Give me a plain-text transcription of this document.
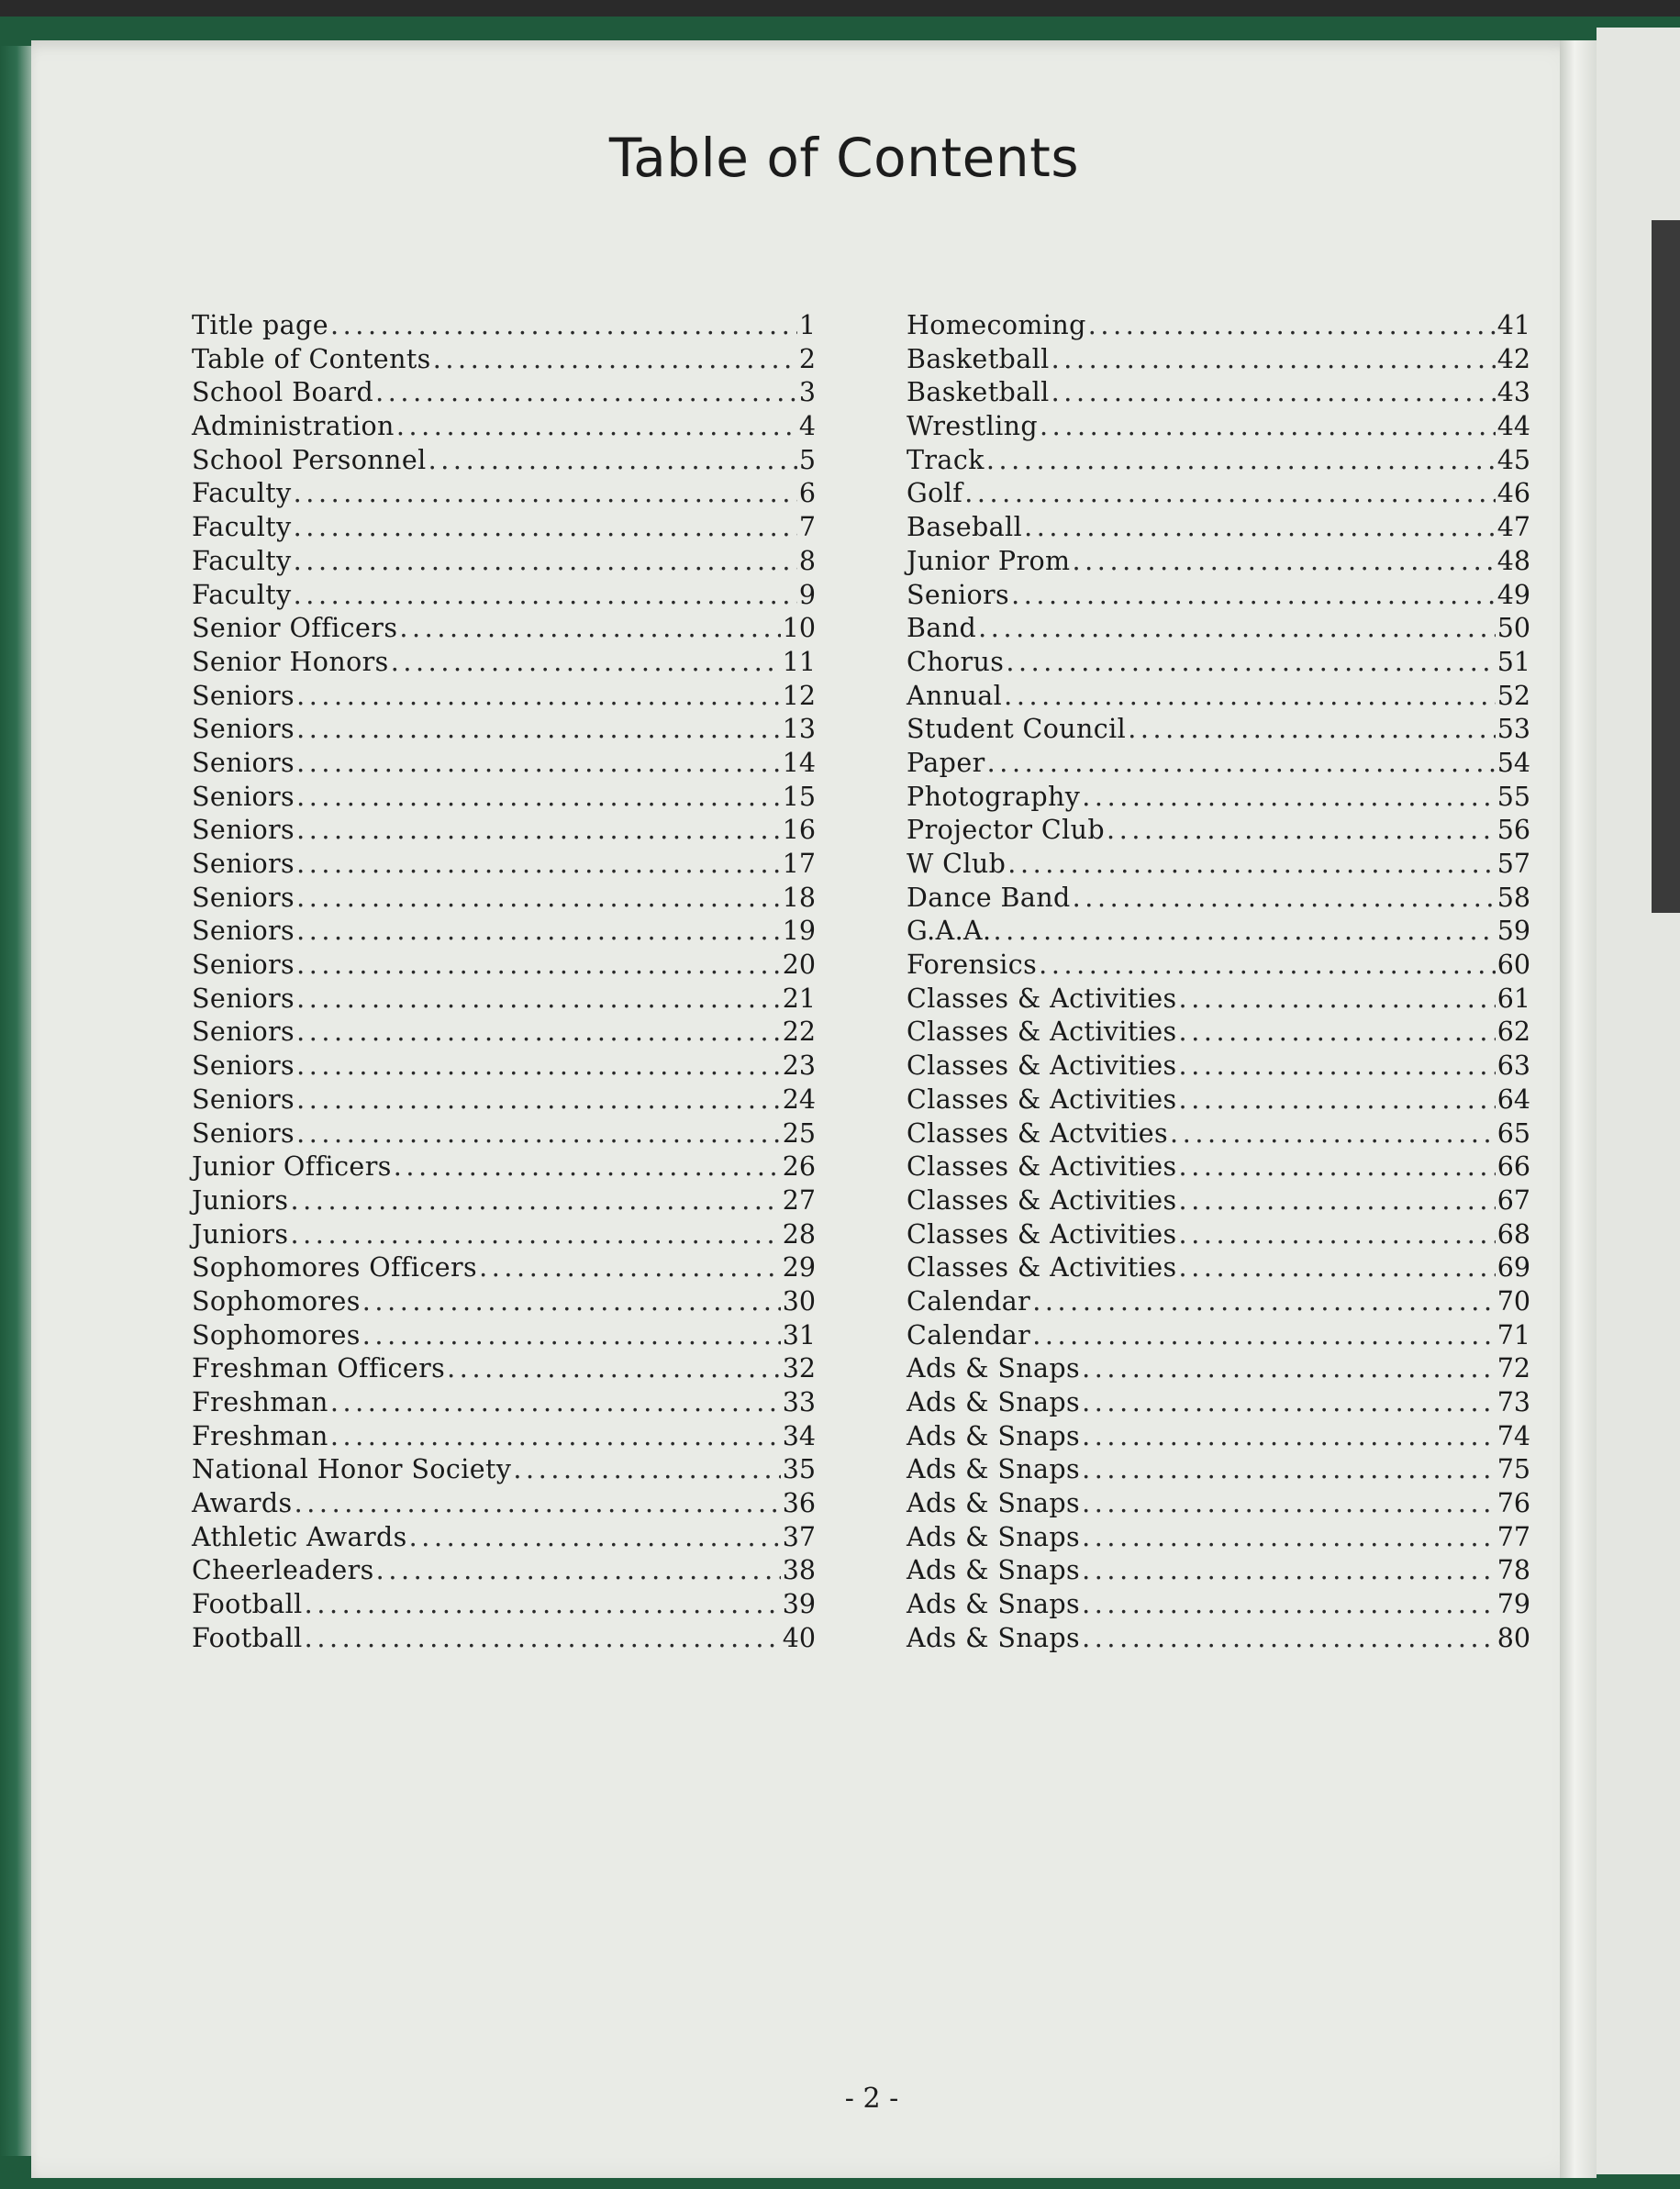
Table of Contents
Title page .....	1
Table of Contents .....	2
School Board .....	3
Administration .....	4
School Personnel .....	5
Faculty .....	6
Faculty .....	7
Faculty .....	8
Faculty .....	9
Senior Officers .....	10
Senior Honors .....	11
Seniors .....	12
Seniors .....	13
Seniors .....	14
Seniors .....	15
Seniors .....	16
Seniors .....	17
Seniors .....	18
Seniors .....	19
Seniors .....	20
Seniors .....	21
Seniors .....	22
Seniors .....	23
Seniors .....	24
Seniors .....	25
Junior Officers .....	26
Juniors .....	27
Juniors .....	28
Sophomores Officers .....	29
Sophomores .....	30
Sophomores .....	31
Freshman Officers .....	32
Freshman .....	33
Freshman .....	34
National Honor Society .....	35
Awards .....	36
Athletic Awards .....	37
Cheerleaders .....	38
Football .....	39
Football .....	40
Homecoming .....	41
Basketball .....	42
Basketball .....	43
Wrestling .....	44
Track .....	45
Golf .....	46
Baseball .....	47
Junior Prom .....	48
Seniors .....	49
Band .....	50
Chorus .....	51
Annual .....	52
Student Council .....	53
Paper .....	54
Photography .....	55
Projector Club .....	56
W Club .....	57
Dance Band .....	58
G.A.A. .....	59
Forensics .....	60
Classes & Activities .....	61
Classes & Activities .....	62
Classes & Activities .....	63
Classes & Activities .....	64
Classes & Actvities .....	65
Classes & Activities .....	66
Classes & Activities .....	67
Classes & Activities .....	68
Classes & Activities .....	69
Calendar .....	70
Calendar .....	71
Ads & Snaps .....	72
Ads & Snaps .....	73
Ads & Snaps .....	74
Ads & Snaps .....	75
Ads & Snaps .....	76
Ads & Snaps .....	77
Ads & Snaps .....	78
Ads & Snaps .....	79
Ads & Snaps .....	80
- 2 -
